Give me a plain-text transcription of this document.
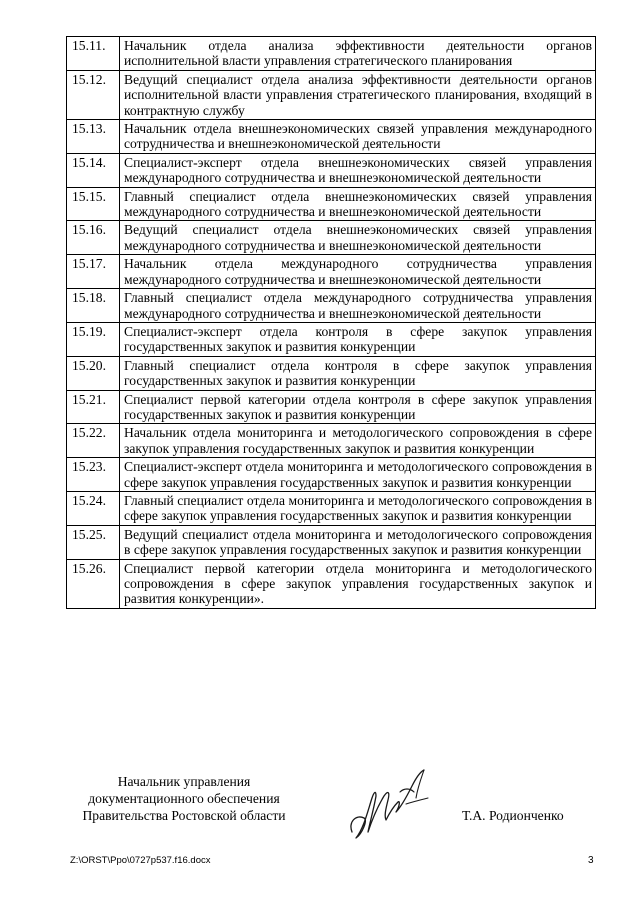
15.11.	Начальник отдела анализа эффективности деятельности органов исполнительной власти управления стратегического планирования
15.12.	Ведущий специалист отдела анализа эффективности деятельности органов исполнительной власти управления стратегического планирования, входящий в контрактную службу
15.13.	Начальник отдела внешнеэкономических связей управления международного сотрудничества и внешнеэкономической деятельности
15.14.	Специалист-эксперт отдела внешнеэкономических связей управления международного сотрудничества и внешнеэкономической деятельности
15.15.	Главный специалист отдела внешнеэкономических связей управления международного сотрудничества и внешнеэкономической деятельности
15.16.	Ведущий специалист отдела внешнеэкономических связей управления международного сотрудничества и внешнеэкономической деятельности
15.17.	Начальник отдела международного сотрудничества управления международного сотрудничества и внешнеэкономической деятельности
15.18.	Главный специалист отдела международного сотрудничества управления международного сотрудничества и внешнеэкономической деятельности
15.19.	Специалист-эксперт отдела контроля в сфере закупок управления государственных закупок и развития конкуренции
15.20.	Главный специалист отдела контроля в сфере закупок управления государственных закупок и развития конкуренции
15.21.	Специалист первой категории отдела контроля в сфере закупок управления государственных закупок и развития конкуренции
15.22.	Начальник отдела мониторинга и методологического сопровождения в сфере закупок управления государственных закупок и развития конкуренции
15.23.	Специалист-эксперт отдела мониторинга и методологического сопровождения в сфере закупок управления государственных закупок и развития конкуренции
15.24.	Главный специалист отдела мониторинга и методологического сопровождения в сфере закупок управления государственных закупок и развития конкуренции
15.25.	Ведущий специалист отдела мониторинга и методологического сопровождения в сфере закупок управления государственных закупок и развития конкуренции
15.26.	Специалист первой категории отдела мониторинга и методологического сопровождения в сфере закупок управления государственных закупок и развития конкуренции».
Начальник управления
документационного обеспечения
Правительства Ростовской области	Т.А. Родионченко
Z:\ORST\Ppo\0727p537.f16.docx	3
